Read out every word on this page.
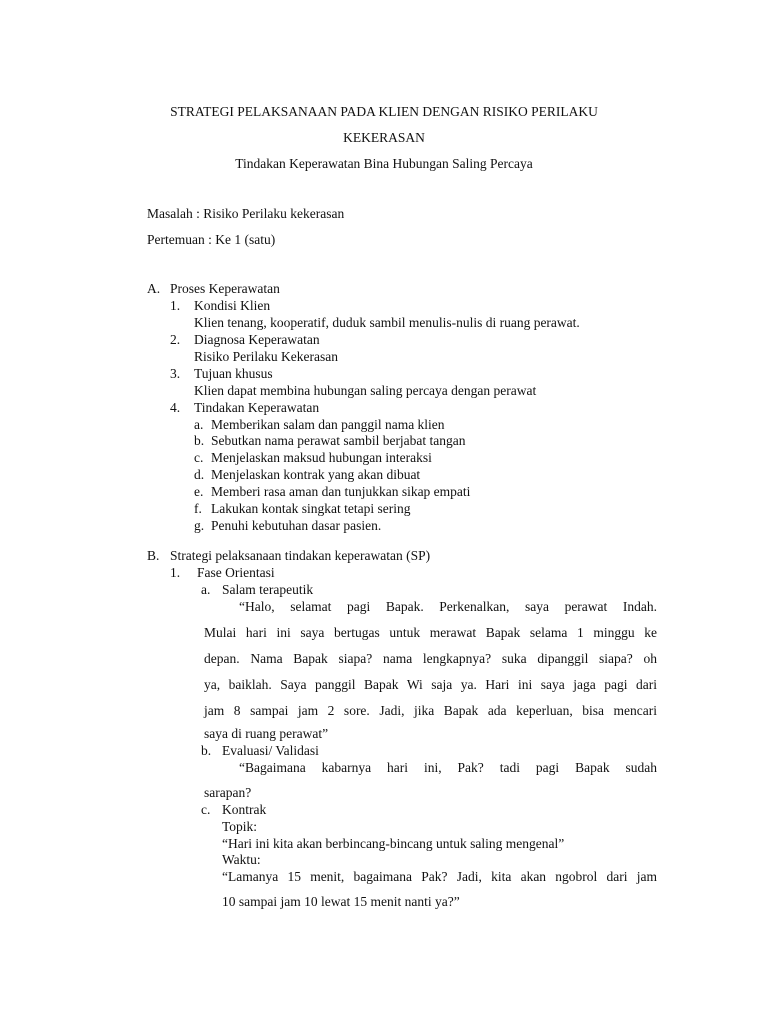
STRATEGI PELAKSANAAN PADA KLIEN DENGAN RISIKO PERILAKU
KEKERASAN
Tindakan Keperawatan Bina Hubungan Saling Percaya
Masalah : Risiko Perilaku kekerasan
Pertemuan : Ke 1 (satu)
A. Proses Keperawatan
1. Kondisi Klien
Klien tenang, kooperatif, duduk sambil menulis-nulis di ruang perawat.
2. Diagnosa Keperawatan
Risiko Perilaku Kekerasan
3. Tujuan khusus
Klien dapat membina hubungan saling percaya dengan perawat
4. Tindakan Keperawatan
a. Memberikan salam dan panggil nama klien
b. Sebutkan nama perawat sambil berjabat tangan
c. Menjelaskan maksud hubungan interaksi
d. Menjelaskan kontrak yang akan dibuat
e. Memberi rasa aman dan tunjukkan sikap empati
f. Lakukan kontak singkat tetapi sering
g. Penuhi kebutuhan dasar pasien.
B. Strategi pelaksanaan tindakan keperawatan (SP)
1. Fase Orientasi
a. Salam terapeutik
“Halo, selamat pagi Bapak. Perkenalkan, saya perawat Indah.
Mulai hari ini saya bertugas untuk merawat Bapak selama 1 minggu ke
depan. Nama Bapak siapa? nama lengkapnya? suka dipanggil siapa? oh
ya, baiklah. Saya panggil Bapak Wi saja ya. Hari ini saya jaga pagi dari
jam 8 sampai jam 2 sore. Jadi, jika Bapak ada keperluan, bisa mencari
saya di ruang perawat”
b. Evaluasi/ Validasi
“Bagaimana kabarnya hari ini, Pak? tadi pagi Bapak sudah
sarapan?
c. Kontrak
Topik:
“Hari ini kita akan berbincang-bincang untuk saling mengenal”
Waktu:
“Lamanya 15 menit, bagaimana Pak? Jadi, kita akan ngobrol dari jam
10 sampai jam 10 lewat 15 menit nanti ya?”
